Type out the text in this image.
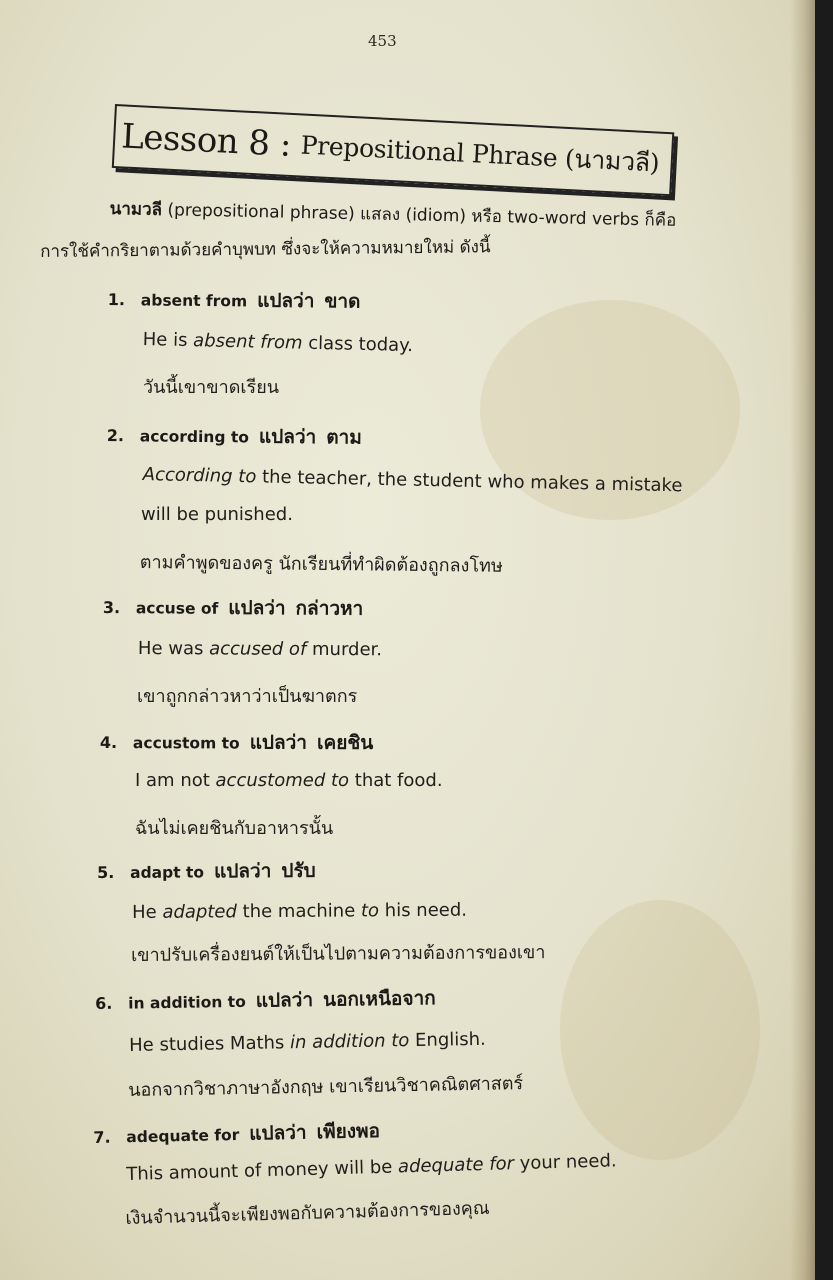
453
Lesson 8 : Prepositional Phrase (นามวลี)
นามวลี (prepositional phrase) แสลง (idiom) หรือ two-word verbs ก็คือ
การใช้คำกริยาตามด้วยคำบุพบท ซึ่งจะให้ความหมายใหม่ ดังนี้
1. absent from แปลว่า ขาด
He is absent from class today.
วันนี้เขาขาดเรียน
2. according to แปลว่า ตาม
According to the teacher, the student who makes a mistake
will be punished.
ตามคำพูดของครู นักเรียนที่ทำผิดต้องถูกลงโทษ
3. accuse of แปลว่า กล่าวหา
He was accused of murder.
เขาถูกกล่าวหาว่าเป็นฆาตกร
4. accustom to แปลว่า เคยชิน
I am not accustomed to that food.
ฉันไม่เคยชินกับอาหารนั้น
5. adapt to แปลว่า ปรับ
He adapted the machine to his need.
เขาปรับเครื่องยนต์ให้เป็นไปตามความต้องการของเขา
6. in addition to แปลว่า นอกเหนือจาก
He studies Maths in addition to English.
นอกจากวิชาภาษาอังกฤษ เขาเรียนวิชาคณิตศาสตร์
7. adequate for แปลว่า เพียงพอ
This amount of money will be adequate for your need.
เงินจำนวนนี้จะเพียงพอกับความต้องการของคุณ
